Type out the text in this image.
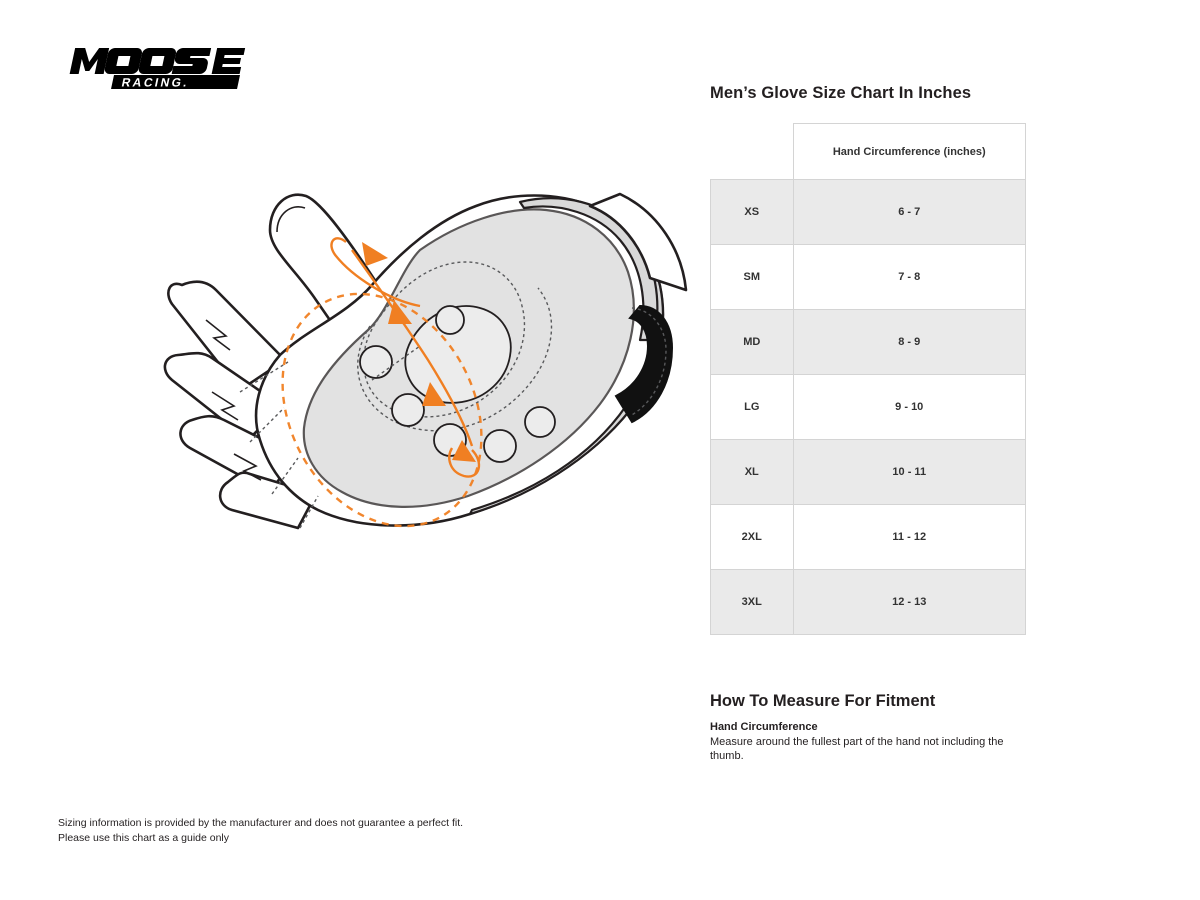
RACING.
Men’s Glove Size Chart In Inches
	Hand Circumference (inches)
XS	6 - 7
SM	7 - 8
MD	8 - 9
LG	9 - 10
XL	10 - 11
2XL	11 - 12
3XL	12 - 13
How To Measure For Fitment

Hand Circumference

Measure around the fullest part of the hand not including the thumb.

Sizing information is provided by the manufacturer and does not guarantee a perfect fit.

Please use this chart as a guide only
